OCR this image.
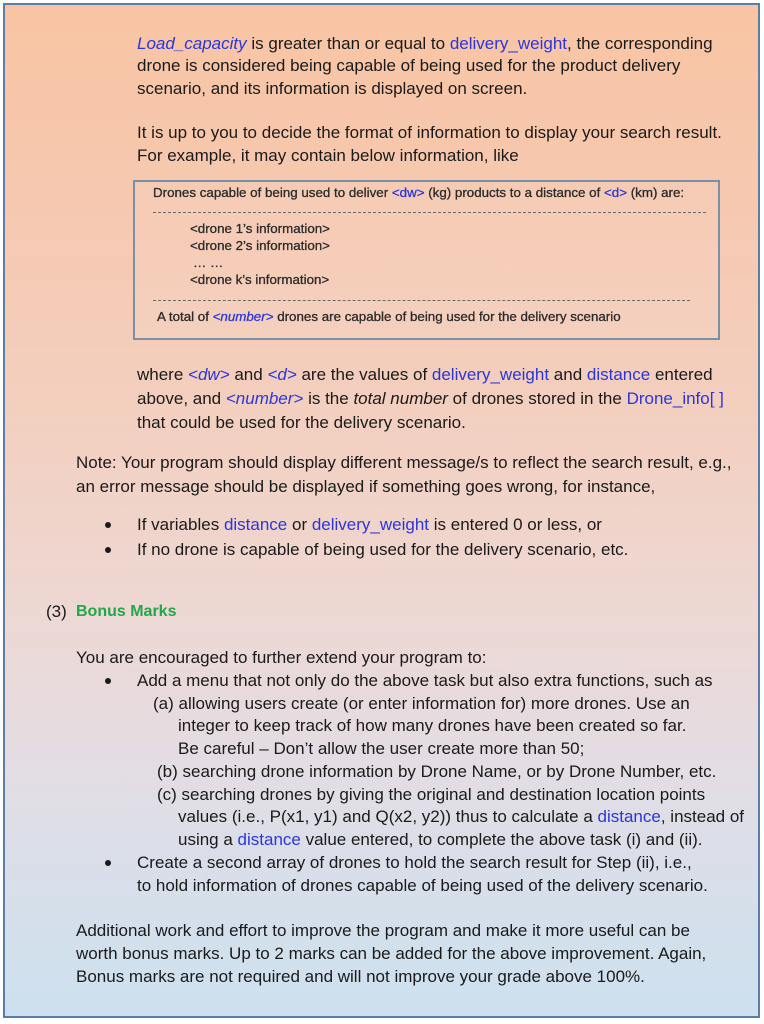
Load_capacity is greater than or equal to delivery_weight, the corresponding
drone is considered being capable of being used for the product delivery
scenario, and its information is displayed on screen.
It is up to you to decide the format of information to display your search result.
For example, it may contain below information, like
Drones capable of being used to deliver <dw> (kg) products to a distance of <d> (km) are:
<drone 1’s information>
<drone 2’s information>
… …
<drone k’s information>
A total of <number> drones are capable of being used for the delivery scenario
where <dw> and <d> are the values of delivery_weight and distance entered
above, and <number> is the total number of drones stored in the Drone_info[ ]
that could be used for the delivery scenario.
Note: Your program should display different message/s to reflect the search result, e.g.,
an error message should be displayed if something goes wrong, for instance,
If variables distance or delivery_weight is entered 0 or less, or
If no drone is capable of being used for the delivery scenario, etc.
(3) Bonus Marks
You are encouraged to further extend your program to:
Add a menu that not only do the above task but also extra functions, such as
(a) allowing users create (or enter information for) more drones. Use an
integer to keep track of how many drones have been created so far.
Be careful – Don’t allow the user create more than 50;
(b) searching drone information by Drone Name, or by Drone Number, etc.
(c) searching drones by giving the original and destination location points
values (i.e., P(x1, y1) and Q(x2, y2)) thus to calculate a distance, instead of
using a distance value entered, to complete the above task (i) and (ii).
Create a second array of drones to hold the search result for Step (ii), i.e.,
to hold information of drones capable of being used of the delivery scenario.
Additional work and effort to improve the program and make it more useful can be
worth bonus marks. Up to 2 marks can be added for the above improvement. Again,
Bonus marks are not required and will not improve your grade above 100%.
